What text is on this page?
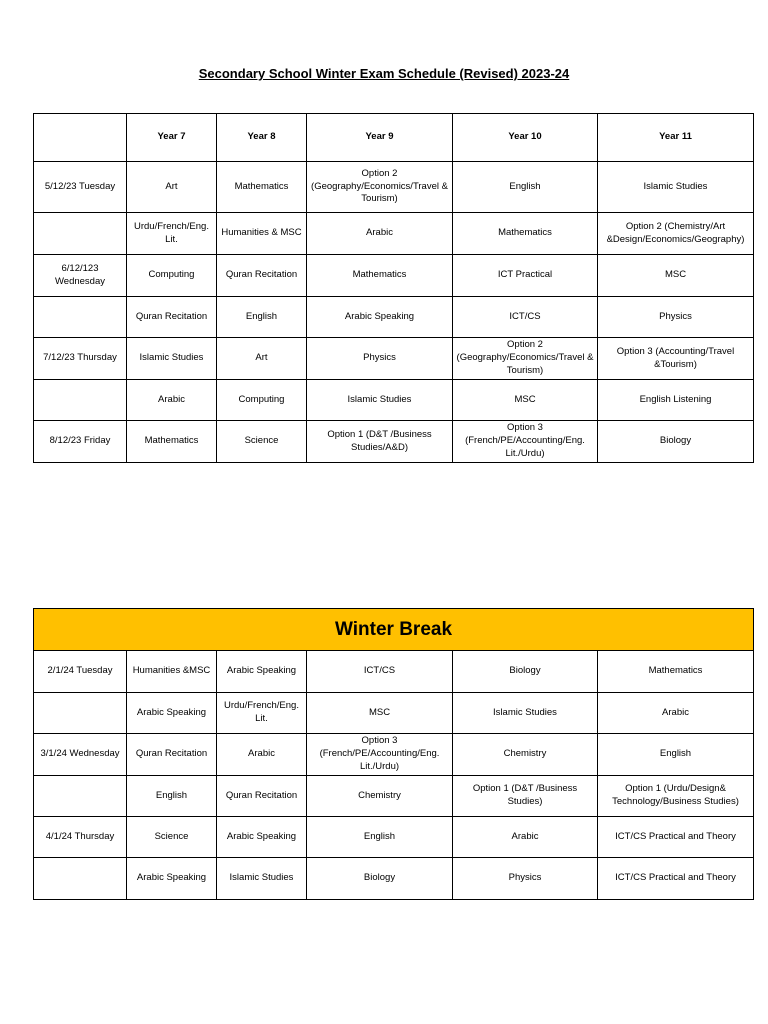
Secondary School Winter Exam Schedule (Revised) 2023-24
	Year 7	Year 8	Year 9	Year 10	Year 11
5/12/23 Tuesday	Art	Mathematics	Option 2 (Geography/Economics/Travel & Tourism)	English	Islamic Studies
	Urdu/French/Eng. Lit.	Humanities & MSC	Arabic	Mathematics	Option 2 (Chemistry/Art &Design/Economics/Geography)
6/12/123 Wednesday	Computing	Quran Recitation	Mathematics	ICT Practical	MSC
	Quran Recitation	English	Arabic Speaking	ICT/CS	Physics
7/12/23 Thursday	Islamic Studies	Art	Physics	Option 2 (Geography/Economics/Travel & Tourism)	Option 3 (Accounting/Travel &Tourism)
	Arabic	Computing	Islamic Studies	MSC	English Listening
8/12/23 Friday	Mathematics	Science	Option 1 (D&T /Business Studies/A&D)	Option 3 (French/PE/Accounting/Eng. Lit./Urdu)	Biology
Winter Break					
2/1/24 Tuesday	Humanities &MSC	Arabic Speaking	ICT/CS	Biology	Mathematics
	Arabic Speaking	Urdu/French/Eng. Lit.	MSC	Islamic Studies	Arabic
3/1/24 Wednesday	Quran Recitation	Arabic	Option 3 (French/PE/Accounting/Eng. Lit./Urdu)	Chemistry	English
	English	Quran Recitation	Chemistry	Option 1 (D&T /Business Studies)	Option 1 (Urdu/Design& Technology/Business Studies)
4/1/24 Thursday	Science	Arabic Speaking	English	Arabic	ICT/CS Practical and Theory
	Arabic Speaking	Islamic Studies	Biology	Physics	ICT/CS Practical and Theory
